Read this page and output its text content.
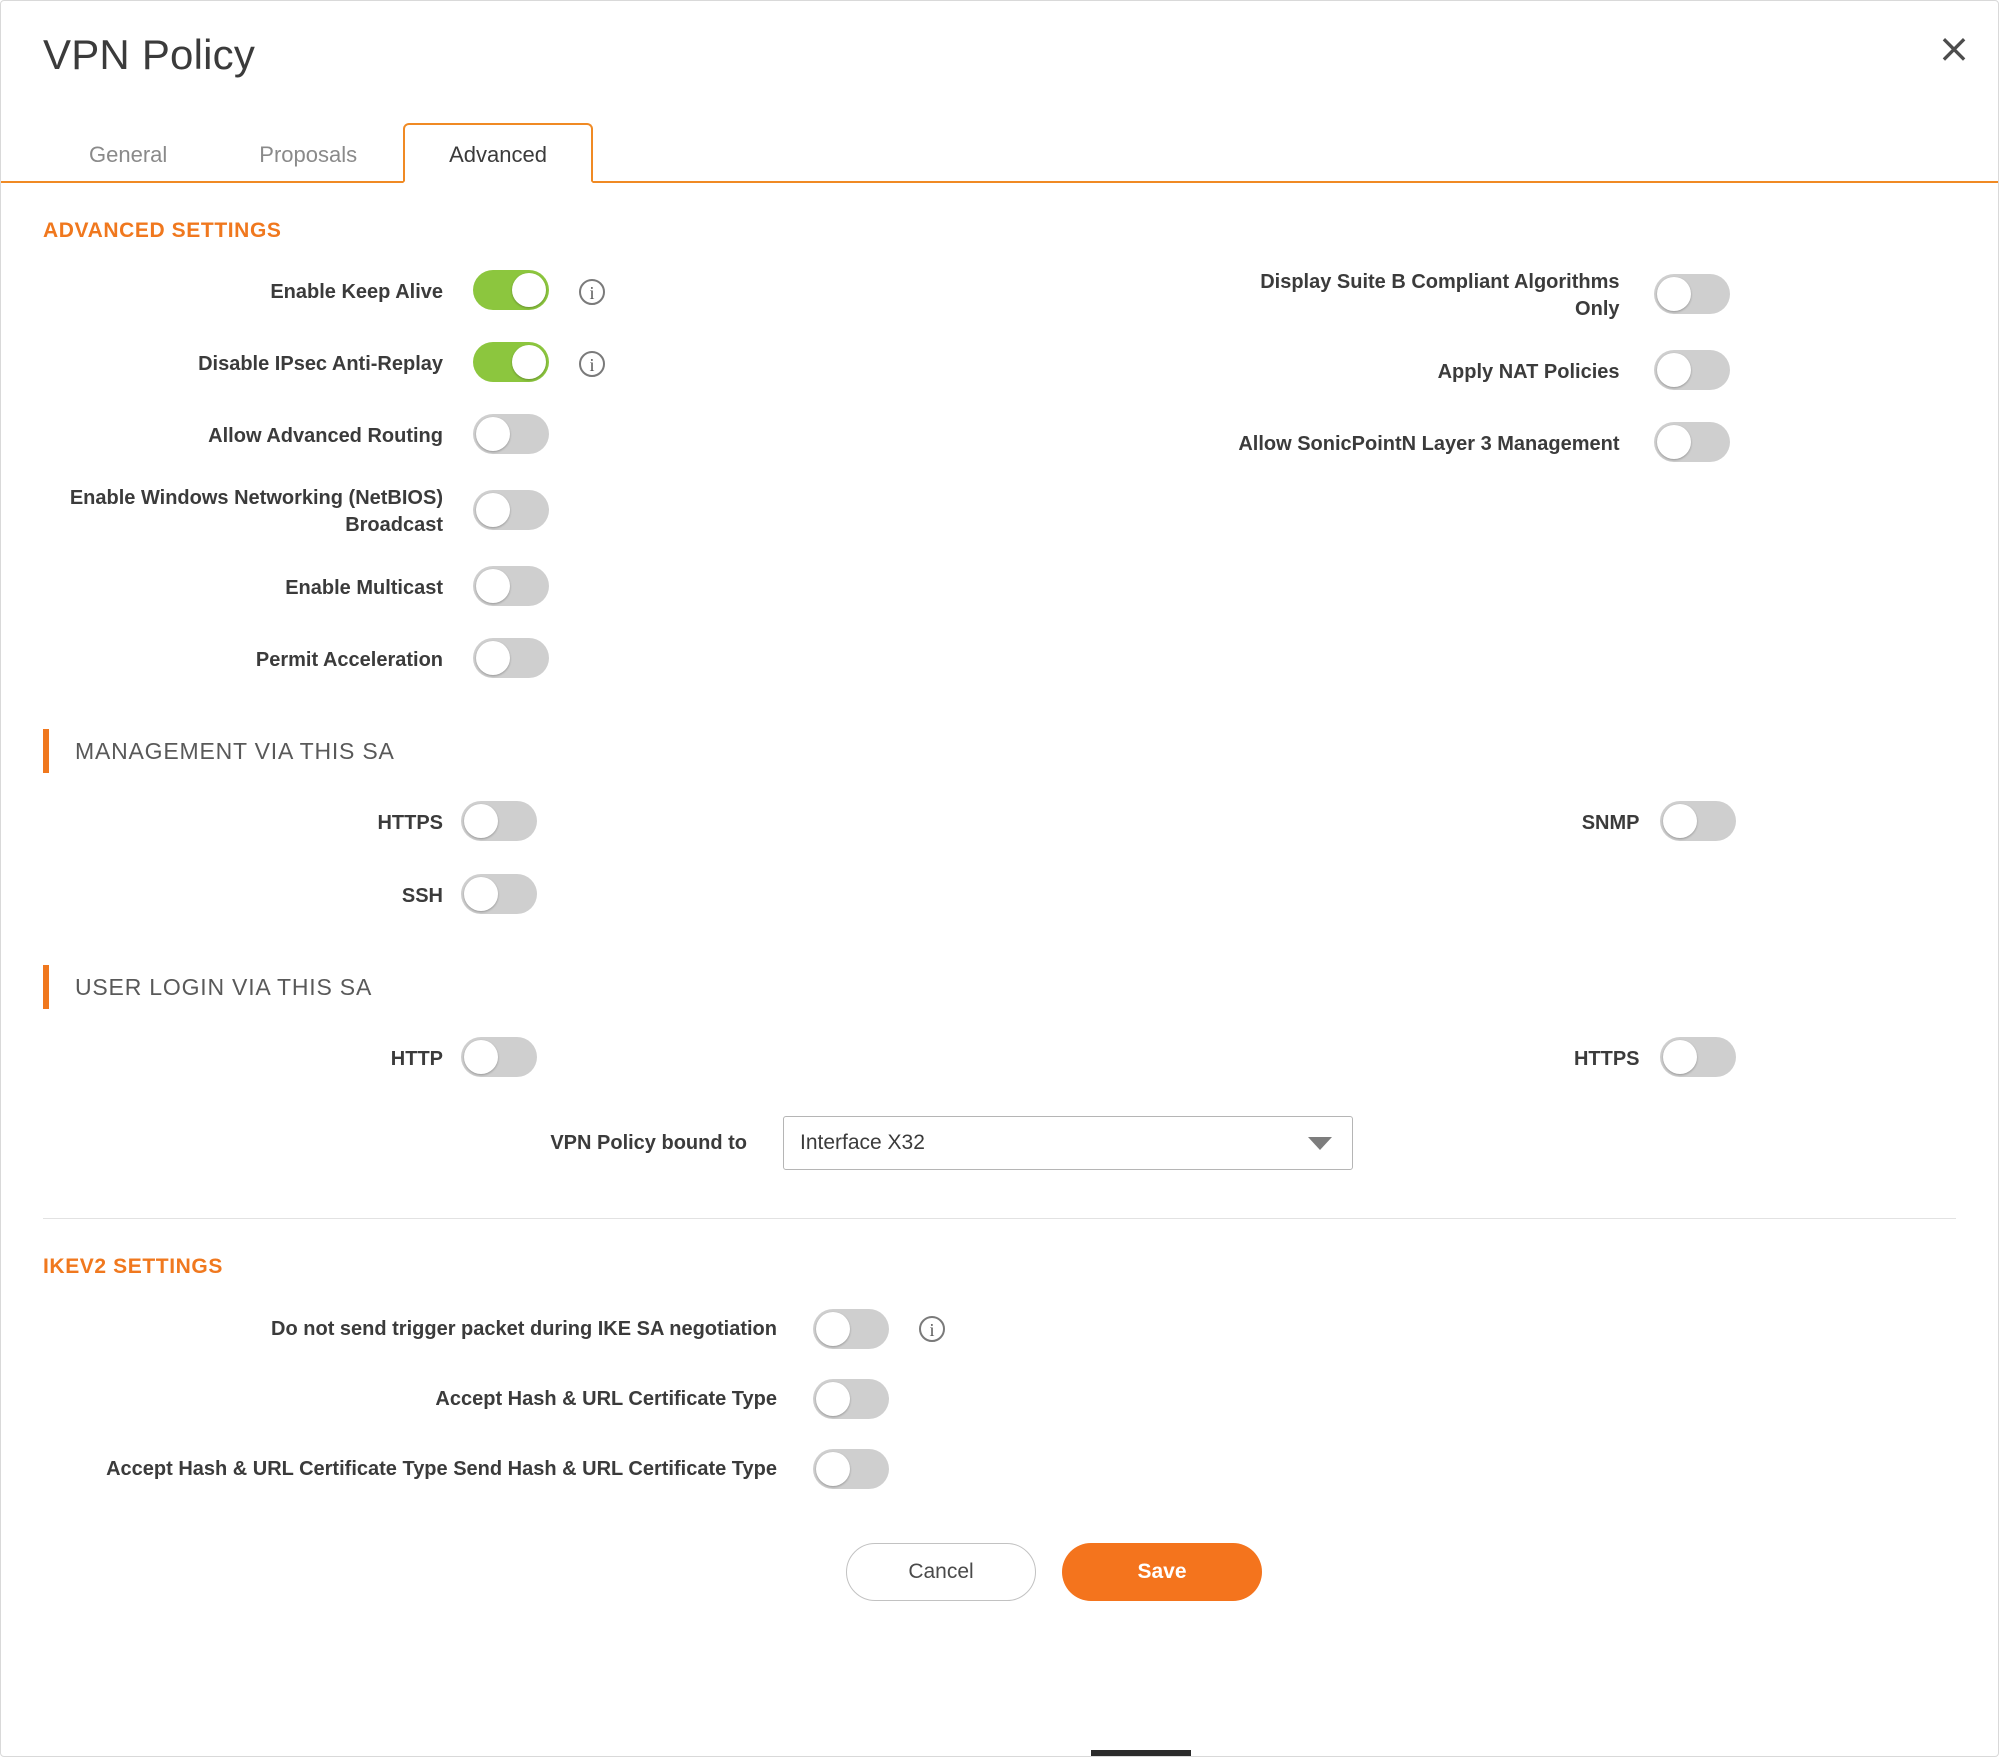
×
VPN Policy
General	Proposals	Advanced
ADVANCED SETTINGS
Enable Keep Alive	i
Disable IPsec Anti-Replay	i
Allow Advanced Routing
Enable Windows Networking (NetBIOS) Broadcast
Enable Multicast
Permit Acceleration
Display Suite B Compliant Algorithms Only
Apply NAT Policies
Allow SonicPointN Layer 3 Management
MANAGEMENT VIA THIS SA
HTTPS
SSH
SNMP
USER LOGIN VIA THIS SA
HTTP	HTTPS
VPN Policy bound to	Interface X32
IKEV2 SETTINGS
Do not send trigger packet during IKE SA negotiation	i
Accept Hash & URL Certificate Type
Accept Hash & URL Certificate Type Send Hash & URL Certificate Type
Cancel	Save
